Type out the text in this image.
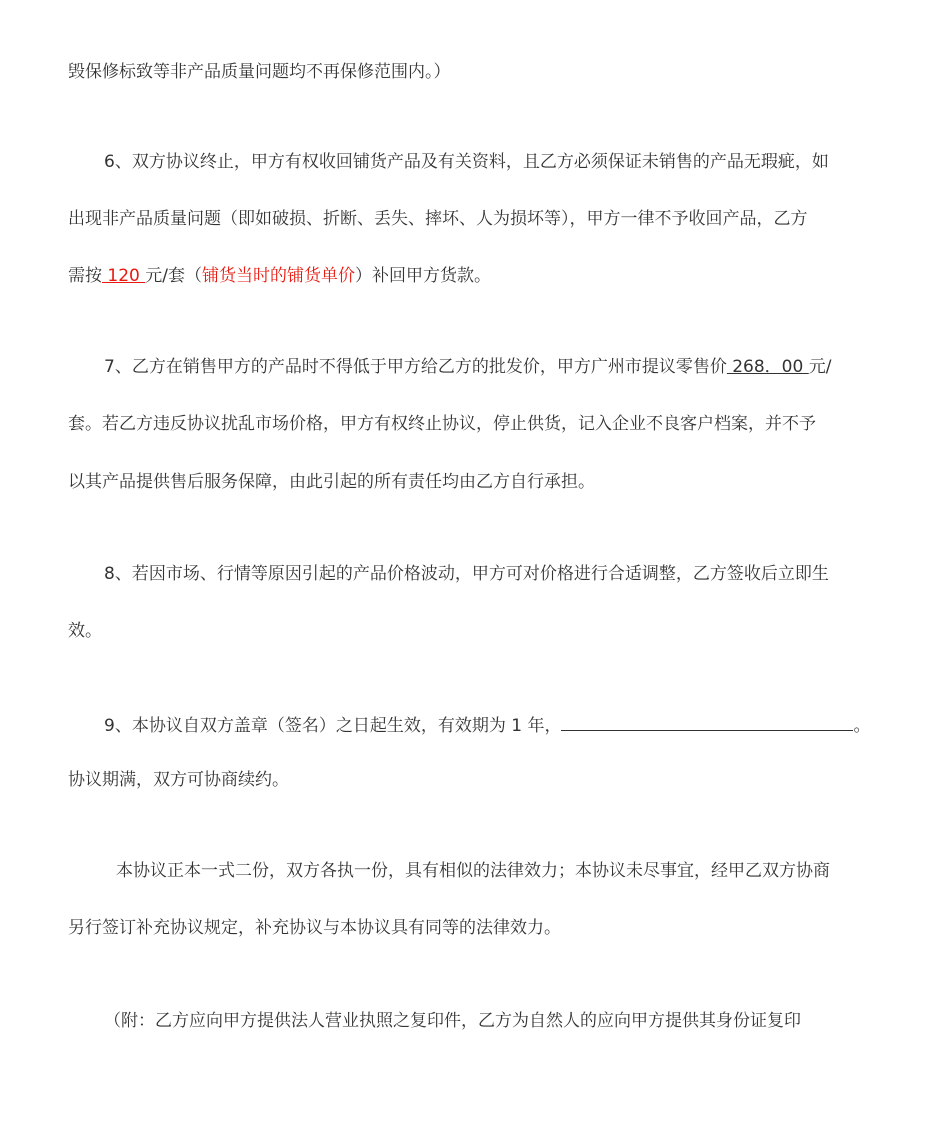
毁保修标致等非产品质量问题均不再保修范围内。）
6、双方协议终止，甲方有权收回铺货产品及有关资料，且乙方必须保证未销售的产品无瑕疵，如
出现非产品质量问题（即如破损、折断、丢失、摔坏、人为损坏等），甲方一律不予收回产品，乙方
需按 120 元/套（铺货当时的铺货单价）补回甲方货款。
7、乙方在销售甲方的产品时不得低于甲方给乙方的批发价，甲方广州市提议零售价 268．00 元/
套。若乙方违反协议扰乱市场价格，甲方有权终止协议，停止供货，记入企业不良客户档案，并不予
以其产品提供售后服务保障，由此引起的所有责任均由乙方自行承担。
8、若因市场、行情等原因引起的产品价格波动，甲方可对价格进行合适调整，乙方签收后立即生
效。
9、本协议自双方盖章（签名）之日起生效，有效期为 1 年，	。
协议期满，双方可协商续约。
本协议正本一式二份，双方各执一份，具有相似的法律效力；本协议未尽事宜，经甲乙双方协商
另行签订补充协议规定，补充协议与本协议具有同等的法律效力。
（附：乙方应向甲方提供法人营业执照之复印件，乙方为自然人的应向甲方提供其身份证复印
